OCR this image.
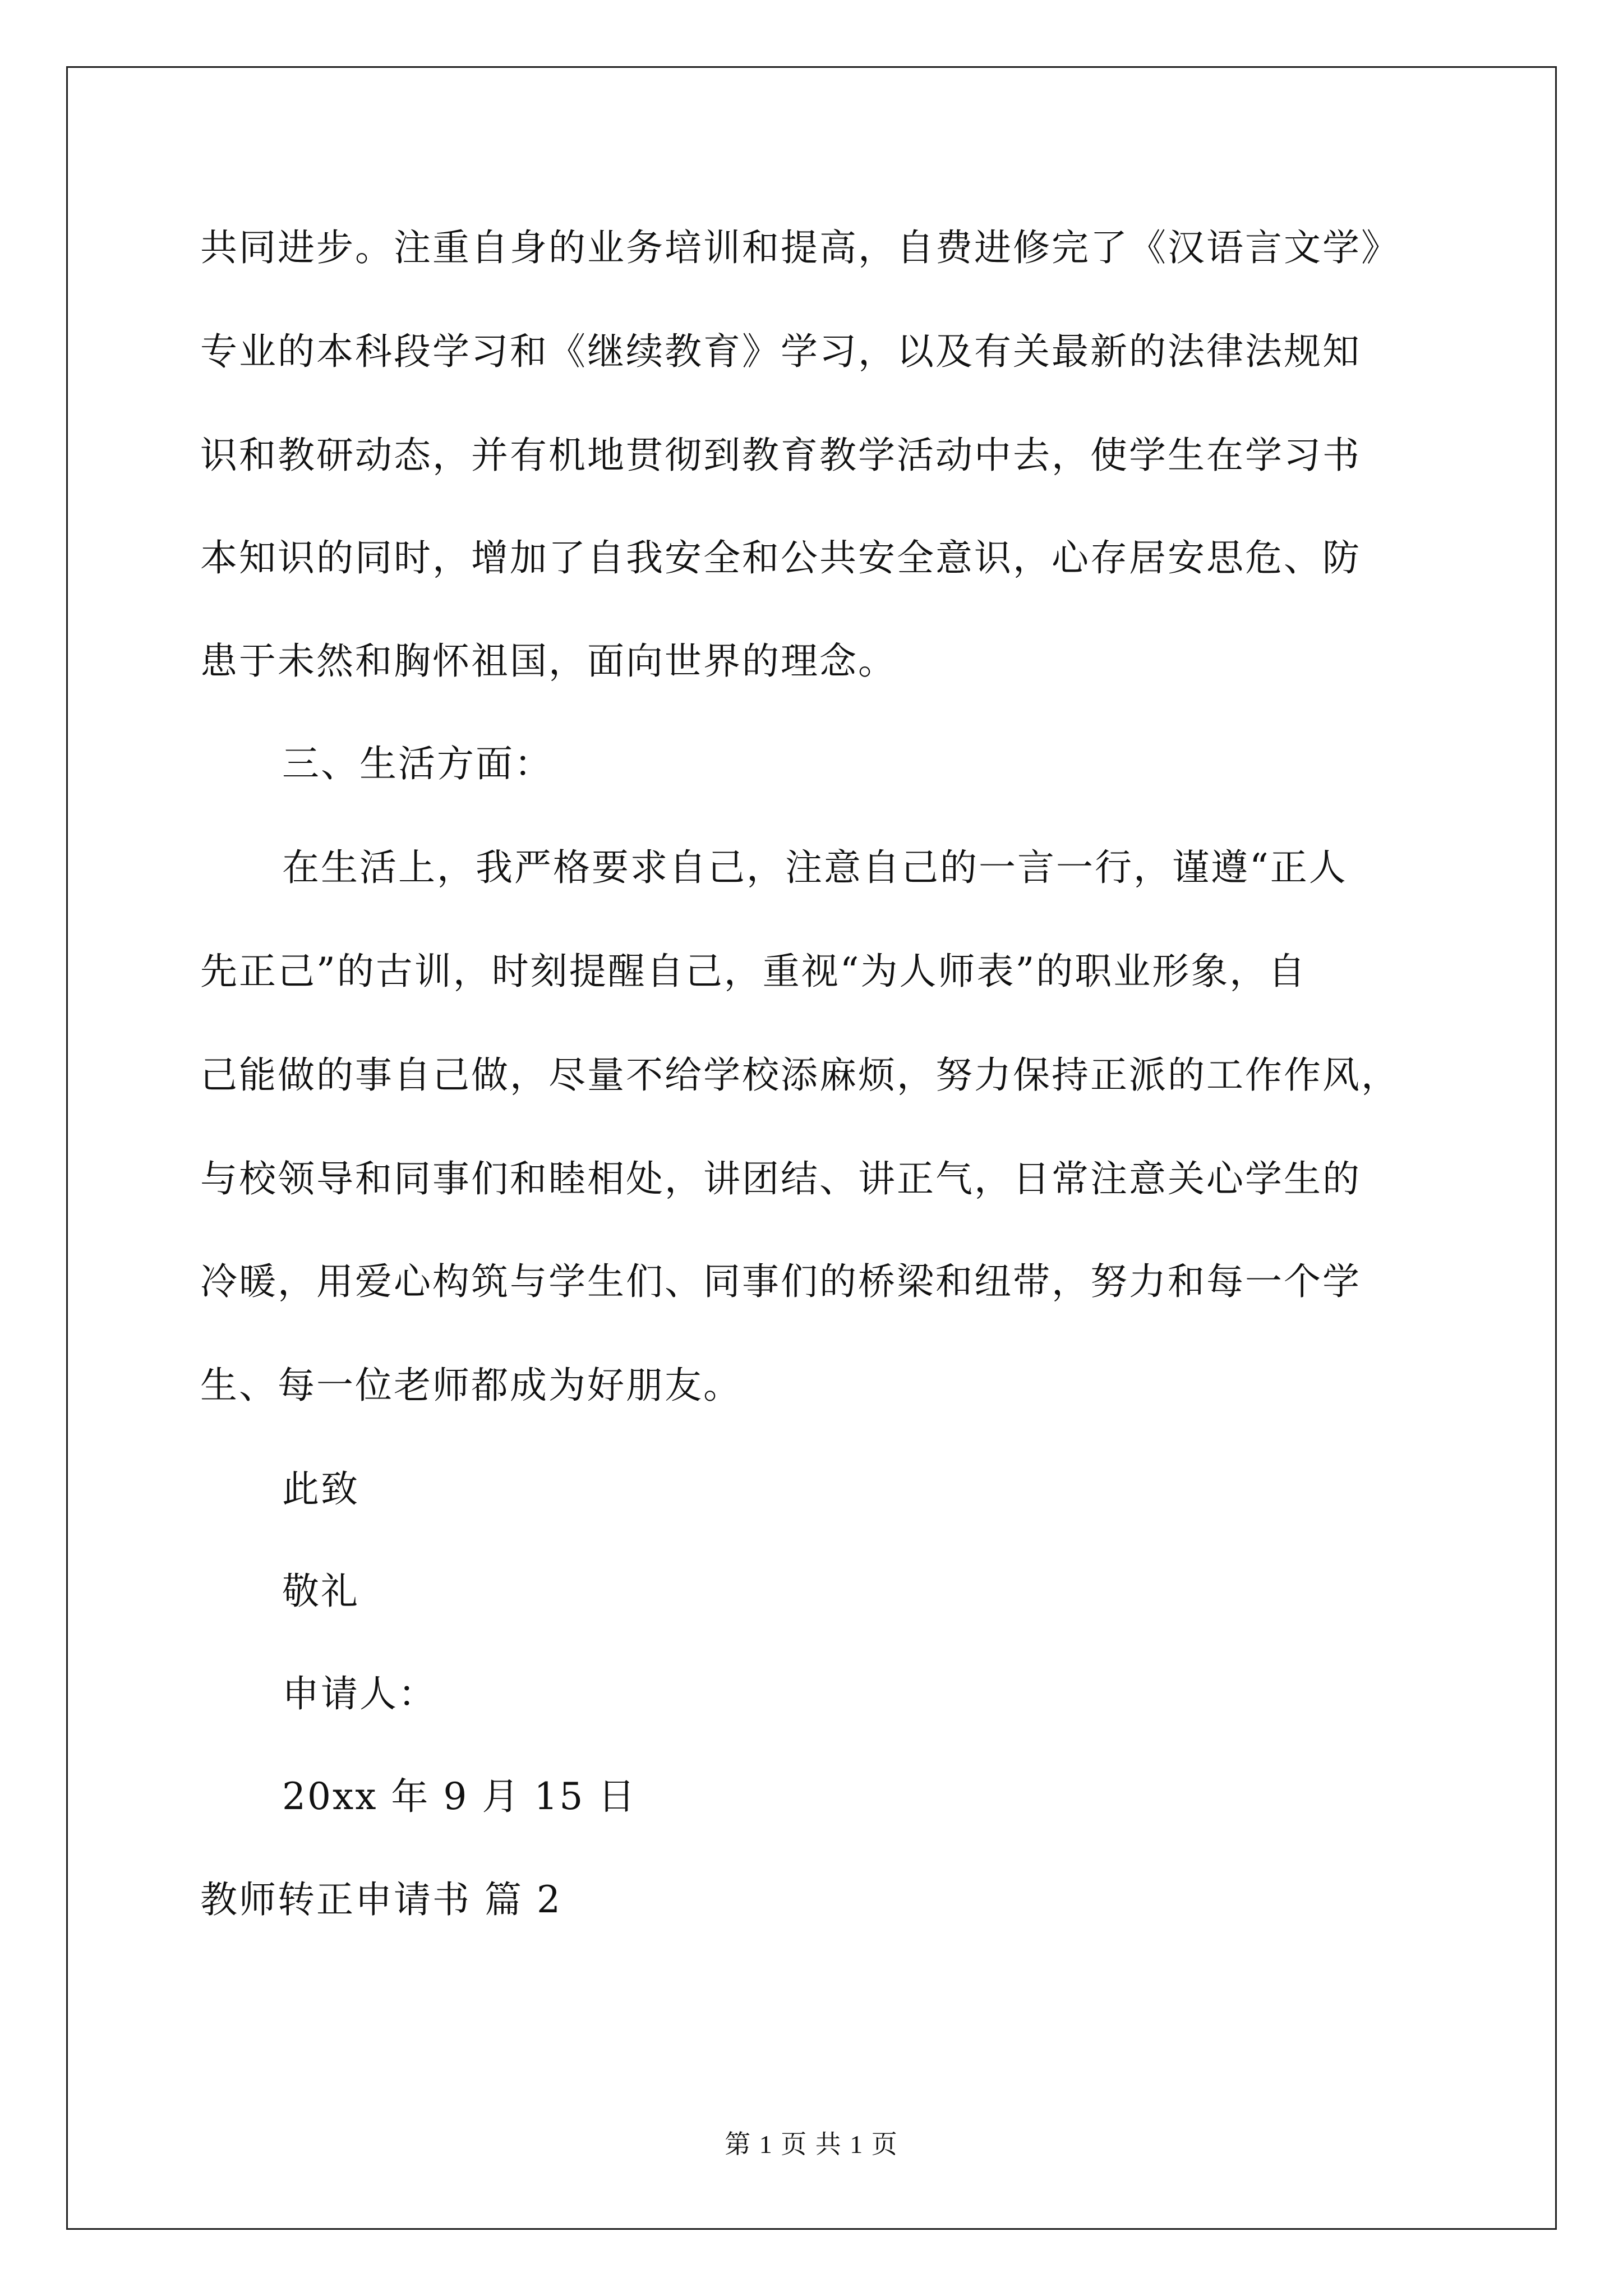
共同进步。注重自身的业务培训和提高，自费进修完了《汉语言文学》
专业的本科段学习和《继续教育》学习，以及有关最新的法律法规知
识和教研动态，并有机地贯彻到教育教学活动中去，使学生在学习书
本知识的同时，增加了自我安全和公共安全意识，心存居安思危、防
患于未然和胸怀祖国，面向世界的理念。
三、生活方面：
在生活上，我严格要求自己，注意自己的一言一行，谨遵“正人
先正己”的古训，时刻提醒自己，重视“为人师表”的职业形象，自
己能做的事自己做，尽量不给学校添麻烦，努力保持正派的工作作风，
与校领导和同事们和睦相处，讲团结、讲正气，日常注意关心学生的
冷暖，用爱心构筑与学生们、同事们的桥梁和纽带，努力和每一个学
生、每一位老师都成为好朋友。
此致
敬礼
申请人：
20xx 年 9 月 15 日
教师转正申请书 篇 2
第 1 页 共 1 页
